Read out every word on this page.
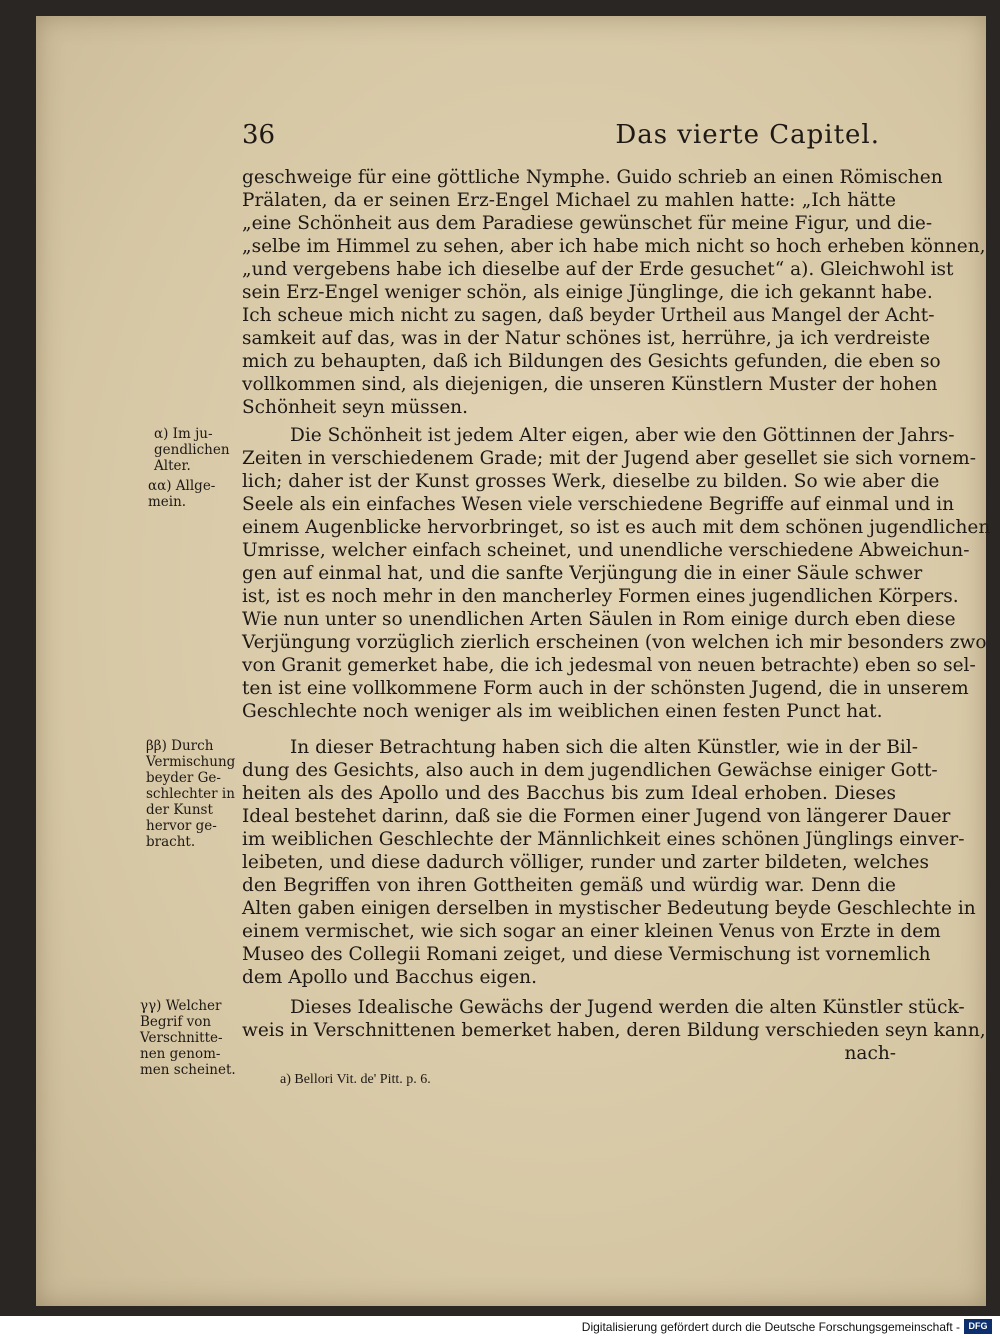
36	Das vierte Capitel.
geschweige für eine göttliche Nymphe. Guido schrieb an einen Römischen
Prälaten, da er seinen Erz-Engel Michael zu mahlen hatte: „Ich hätte
„eine Schönheit aus dem Paradiese gewünschet für meine Figur, und die-
„selbe im Himmel zu sehen, aber ich habe mich nicht so hoch erheben können,
„und vergebens habe ich dieselbe auf der Erde gesuchet“ a). Gleichwohl ist
sein Erz-Engel weniger schön, als einige Jünglinge, die ich gekannt habe.
Ich scheue mich nicht zu sagen, daß beyder Urtheil aus Mangel der Acht-
samkeit auf das, was in der Natur schönes ist, herrühre, ja ich verdreiste
mich zu behaupten, daß ich Bildungen des Gesichts gefunden, die eben so
vollkommen sind, als diejenigen, die unseren Künstlern Muster der hohen
Schönheit seyn müssen.
Die Schönheit ist jedem Alter eigen, aber wie den Göttinnen der Jahrs-
Zeiten in verschiedenem Grade; mit der Jugend aber gesellet sie sich vornem-
lich; daher ist der Kunst grosses Werk, dieselbe zu bilden. So wie aber die
Seele als ein einfaches Wesen viele verschiedene Begriffe auf einmal und in
einem Augenblicke hervorbringet, so ist es auch mit dem schönen jugendlichen
Umrisse, welcher einfach scheinet, und unendliche verschiedene Abweichun-
gen auf einmal hat, und die sanfte Verjüngung die in einer Säule schwer
ist, ist es noch mehr in den mancherley Formen eines jugendlichen Körpers.
Wie nun unter so unendlichen Arten Säulen in Rom einige durch eben diese
Verjüngung vorzüglich zierlich erscheinen (von welchen ich mir besonders zwo
von Granit gemerket habe, die ich jedesmal von neuen betrachte) eben so sel-
ten ist eine vollkommene Form auch in der schönsten Jugend, die in unserem
Geschlechte noch weniger als im weiblichen einen festen Punct hat.
In dieser Betrachtung haben sich die alten Künstler, wie in der Bil-
dung des Gesichts, also auch in dem jugendlichen Gewächse einiger Gott-
heiten als des Apollo und des Bacchus bis zum Ideal erhoben. Dieses
Ideal bestehet darinn, daß sie die Formen einer Jugend von längerer Dauer
im weiblichen Geschlechte der Männlichkeit eines schönen Jünglings einver-
leibeten, und diese dadurch völliger, runder und zarter bildeten, welches
den Begriffen von ihren Gottheiten gemäß und würdig war. Denn die
Alten gaben einigen derselben in mystischer Bedeutung beyde Geschlechte in
einem vermischet, wie sich sogar an einer kleinen Venus von Erzte in dem
Museo des Collegii Romani zeiget, und diese Vermischung ist vornemlich
dem Apollo und Bacchus eigen.
Dieses Idealische Gewächs der Jugend werden die alten Künstler stück-
weis in Verschnittenen bemerket haben, deren Bildung verschieden seyn kann,
nach-
α) Im ju-
gendlichen
Alter.
αα) Allge-
mein.
ββ) Durch
Vermischung
beyder Ge-
schlechter in
der Kunst
hervor ge-
bracht.
γγ) Welcher
Begrif von
Verschnitte-
nen genom-
men scheinet.
a) Bellori Vit. de' Pitt. p. 6.
Digitalisierung gefördert durch die Deutsche Forschungsgemeinschaft - DFG
